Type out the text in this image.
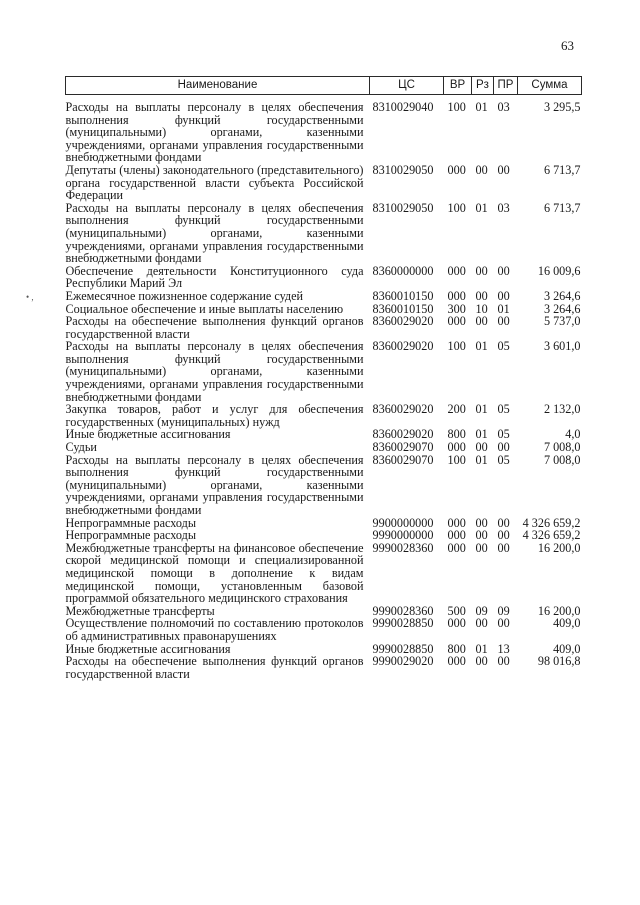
63
• ,
Наименование	ЦС	ВР	Рз	ПР	Сумма
Расходы на выплаты персоналу в целях обеспечения выполнения функций государственными (муниципальными) органами, казенными учреждениями, органами управления государственными внебюджетными фондами	8310029040	100	01	03	3 295,5
Депутаты (члены) законодательного (представительного) органа государственной власти субъекта Российской Федерации	8310029050	000	00	00	6 713,7
Расходы на выплаты персоналу в целях обеспечения выполнения функций государственными (муниципальными) органами, казенными учреждениями, органами управления государственными внебюджетными фондами	8310029050	100	01	03	6 713,7
Обеспечение деятельности Конституционного суда Республики Марий Эл	8360000000	000	00	00	16 009,6
Ежемесячное пожизненное содержание судей	8360010150	000	00	00	3 264,6
Социальное обеспечение и иные выплаты населению	8360010150	300	10	01	3 264,6
Расходы на обеспечение выполнения функций органов государственной власти	8360029020	000	00	00	5 737,0
Расходы на выплаты персоналу в целях обеспечения выполнения функций государственными (муниципальными) органами, казенными учреждениями, органами управления государственными внебюджетными фондами	8360029020	100	01	05	3 601,0
Закупка товаров, работ и услуг для обеспечения государственных (муниципальных) нужд	8360029020	200	01	05	2 132,0
Иные бюджетные ассигнования	8360029020	800	01	05	4,0
Судьи	8360029070	000	00	00	7 008,0
Расходы на выплаты персоналу в целях обеспечения выполнения функций государственными (муниципальными) органами, казенными учреждениями, органами управления государственными внебюджетными фондами	8360029070	100	01	05	7 008,0
Непрограммные расходы	9900000000	000	00	00	4 326 659,2
Непрограммные расходы	9990000000	000	00	00	4 326 659,2
Межбюджетные трансферты на финансовое обеспечение скорой медицинской помощи и специализированной медицинской помощи в дополнение к видам медицинской помощи, установленным базовой программой обязательного медицинского страхования	9990028360	000	00	00	16 200,0
Межбюджетные трансферты	9990028360	500	09	09	16 200,0
Осуществление полномочий по составлению протоколов об административных правонарушениях	9990028850	000	00	00	409,0
Иные бюджетные ассигнования	9990028850	800	01	13	409,0
Расходы на обеспечение выполнения функций органов государственной власти	9990029020	000	00	00	98 016,8
